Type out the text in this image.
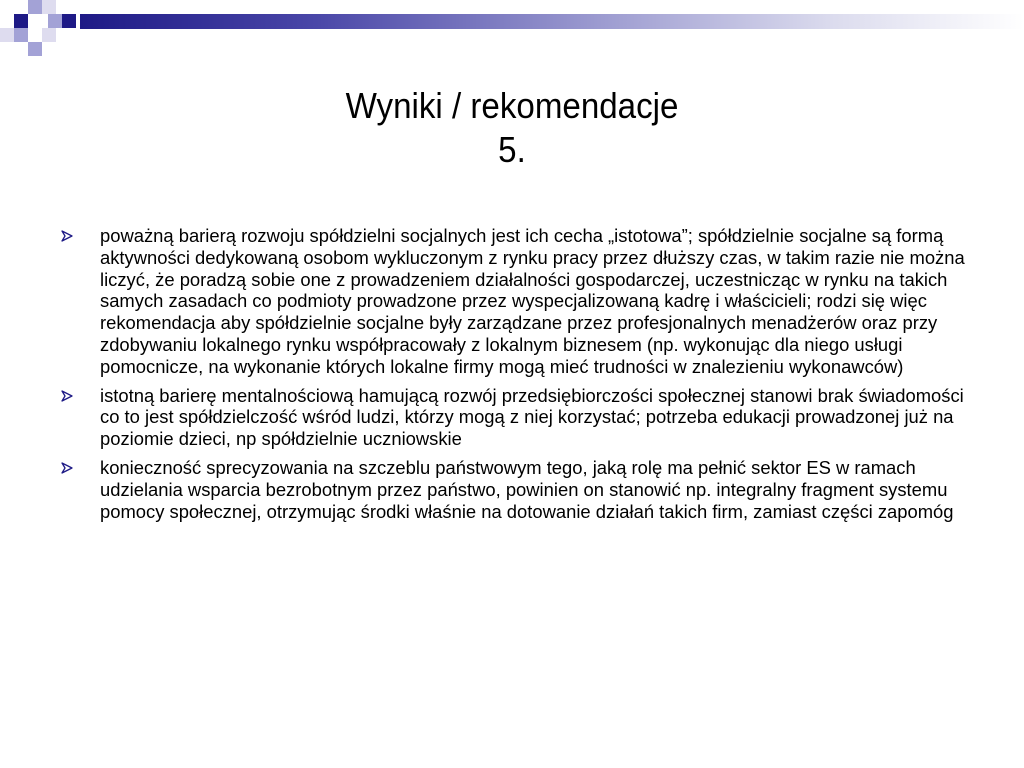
Wyniki / rekomendacje
5.
poważną barierą rozwoju spółdzielni socjalnych jest ich cecha „istotowa”; spółdzielnie socjalne są formą aktywności dedykowaną osobom wykluczonym z rynku pracy przez dłuższy czas, w takim razie nie można liczyć, że poradzą sobie one z prowadzeniem działalności gospodarczej, uczestnicząc w rynku na takich samych zasadach co podmioty prowadzone przez wyspecjalizowaną kadrę i właścicieli; rodzi się więc rekomendacja aby spółdzielnie socjalne były zarządzane przez profesjonalnych menadżerów oraz przy zdobywaniu lokalnego rynku współpracowały z lokalnym biznesem (np. wykonując dla niego usługi pomocnicze, na wykonanie których lokalne firmy mogą mieć trudności w znalezieniu wykonawców)
istotną barierę mentalnościową hamującą rozwój przedsiębiorczości społecznej stanowi brak świadomości co to jest spółdzielczość wśród ludzi, którzy mogą z niej korzystać; potrzeba edukacji prowadzonej już na poziomie dzieci, np spółdzielnie uczniowskie
konieczność sprecyzowania na szczeblu państwowym tego, jaką rolę ma pełnić sektor ES w ramach udzielania wsparcia bezrobotnym przez państwo, powinien on stanowić np. integralny fragment systemu pomocy społecznej, otrzymując środki właśnie na dotowanie działań takich firm, zamiast części zapomóg
